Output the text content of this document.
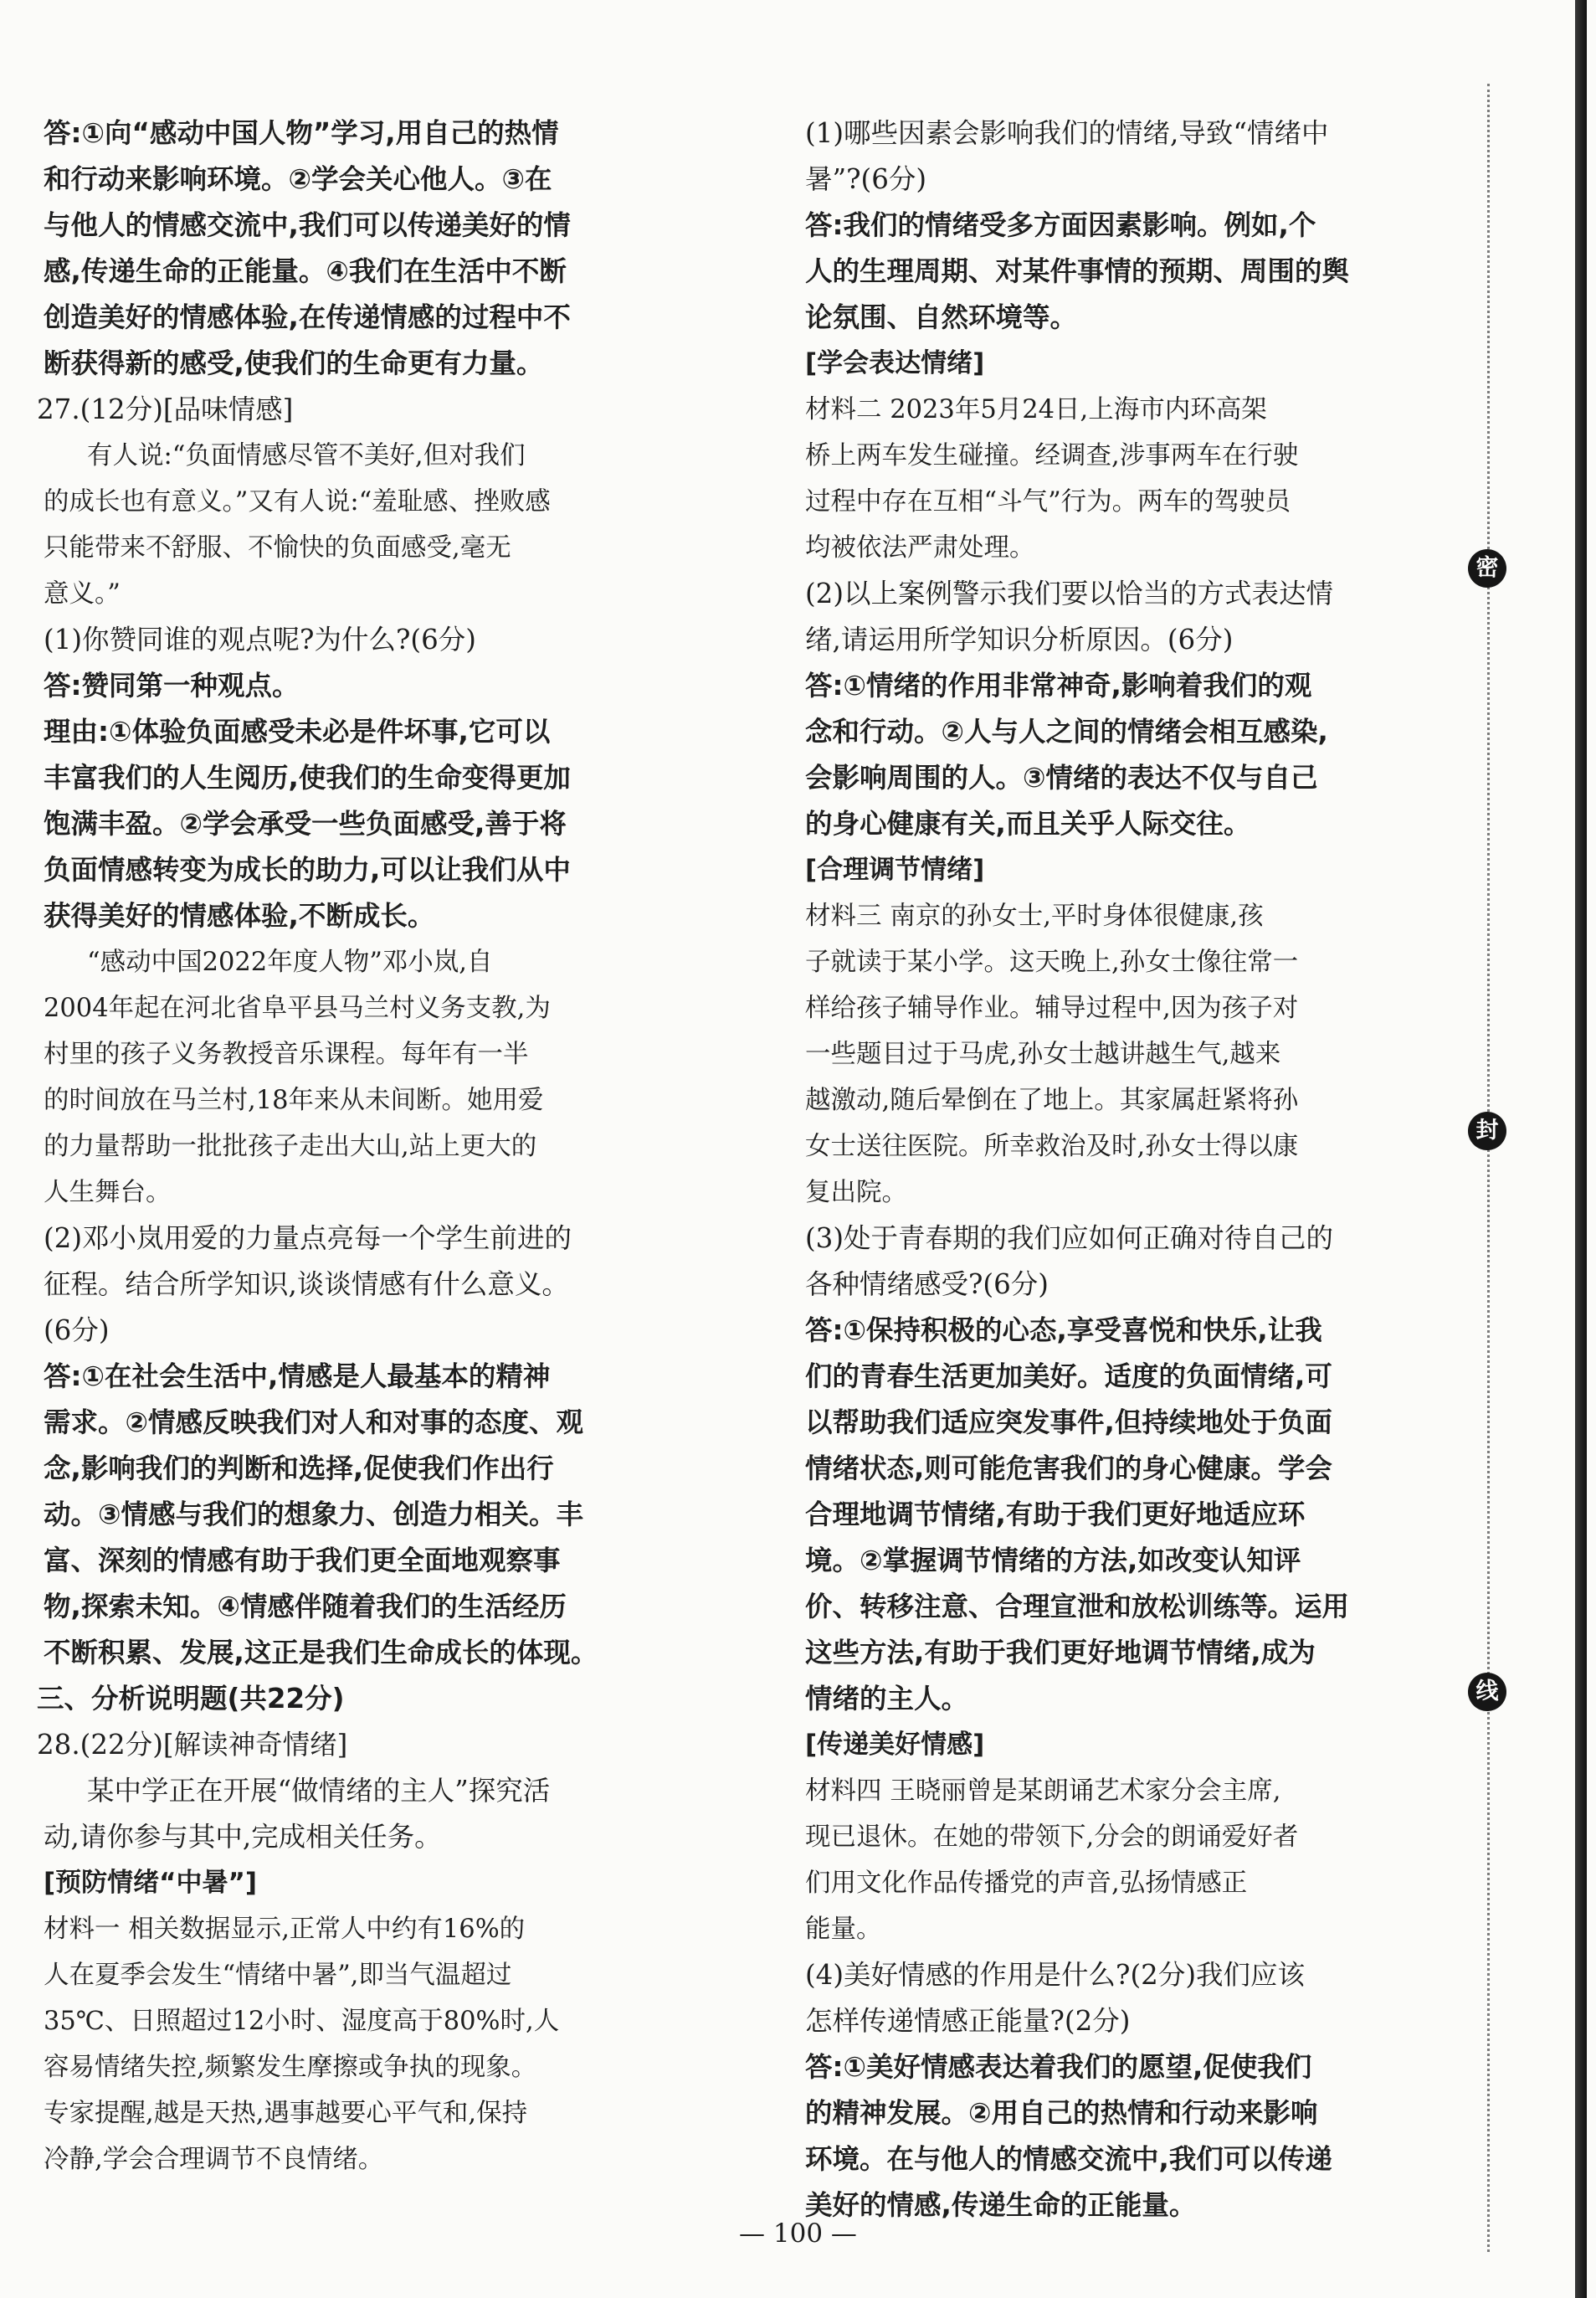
答:①向“感动中国人物”学习,用自己的热情
和行动来影响环境。②学会关心他人。③在
与他人的情感交流中,我们可以传递美好的情
感,传递生命的正能量。④我们在生活中不断
创造美好的情感体验,在传递情感的过程中不
断获得新的感受,使我们的生命更有力量。
27.(12分)[品味情感]
有人说:“负面情感尽管不美好,但对我们
的成长也有意义。”又有人说:“羞耻感、挫败感
只能带来不舒服、不愉快的负面感受,毫无
意义。”
(1)你赞同谁的观点呢?为什么?(6分)
答:赞同第一种观点。
理由:①体验负面感受未必是件坏事,它可以
丰富我们的人生阅历,使我们的生命变得更加
饱满丰盈。②学会承受一些负面感受,善于将
负面情感转变为成长的助力,可以让我们从中
获得美好的情感体验,不断成长。
“感动中国2022年度人物”邓小岚,自
2004年起在河北省阜平县马兰村义务支教,为
村里的孩子义务教授音乐课程。每年有一半
的时间放在马兰村,18年来从未间断。她用爱
的力量帮助一批批孩子走出大山,站上更大的
人生舞台。
(2)邓小岚用爱的力量点亮每一个学生前进的
征程。结合所学知识,谈谈情感有什么意义。
(6分)
答:①在社会生活中,情感是人最基本的精神
需求。②情感反映我们对人和对事的态度、观
念,影响我们的判断和选择,促使我们作出行
动。③情感与我们的想象力、创造力相关。丰
富、深刻的情感有助于我们更全面地观察事
物,探索未知。④情感伴随着我们的生活经历
不断积累、发展,这正是我们生命成长的体现。
三、分析说明题(共22分)
28.(22分)[解读神奇情绪]
某中学正在开展“做情绪的主人”探究活
动,请你参与其中,完成相关任务。
[预防情绪“中暑”]
材料一 相关数据显示,正常人中约有16%的
人在夏季会发生“情绪中暑”,即当气温超过
35℃、日照超过12小时、湿度高于80%时,人
容易情绪失控,频繁发生摩擦或争执的现象。
专家提醒,越是天热,遇事越要心平气和,保持
冷静,学会合理调节不良情绪。
(1)哪些因素会影响我们的情绪,导致“情绪中
暑”?(6分)
答:我们的情绪受多方面因素影响。例如,个
人的生理周期、对某件事情的预期、周围的舆
论氛围、自然环境等。
[学会表达情绪]
材料二 2023年5月24日,上海市内环高架
桥上两车发生碰撞。经调查,涉事两车在行驶
过程中存在互相“斗气”行为。两车的驾驶员
均被依法严肃处理。
(2)以上案例警示我们要以恰当的方式表达情
绪,请运用所学知识分析原因。(6分)
答:①情绪的作用非常神奇,影响着我们的观
念和行动。②人与人之间的情绪会相互感染,
会影响周围的人。③情绪的表达不仅与自己
的身心健康有关,而且关乎人际交往。
[合理调节情绪]
材料三 南京的孙女士,平时身体很健康,孩
子就读于某小学。这天晚上,孙女士像往常一
样给孩子辅导作业。辅导过程中,因为孩子对
一些题目过于马虎,孙女士越讲越生气,越来
越激动,随后晕倒在了地上。其家属赶紧将孙
女士送往医院。所幸救治及时,孙女士得以康
复出院。
(3)处于青春期的我们应如何正确对待自己的
各种情绪感受?(6分)
答:①保持积极的心态,享受喜悦和快乐,让我
们的青春生活更加美好。适度的负面情绪,可
以帮助我们适应突发事件,但持续地处于负面
情绪状态,则可能危害我们的身心健康。学会
合理地调节情绪,有助于我们更好地适应环
境。②掌握调节情绪的方法,如改变认知评
价、转移注意、合理宣泄和放松训练等。运用
这些方法,有助于我们更好地调节情绪,成为
情绪的主人。
[传递美好情感]
材料四 王晓丽曾是某朗诵艺术家分会主席,
现已退休。在她的带领下,分会的朗诵爱好者
们用文化作品传播党的声音,弘扬情感正
能量。
(4)美好情感的作用是什么?(2分)我们应该
怎样传递情感正能量?(2分)
答:①美好情感表达着我们的愿望,促使我们
的精神发展。②用自己的热情和行动来影响
环境。在与他人的情感交流中,我们可以传递
美好的情感,传递生命的正能量。
密
封
线
— 100 —
